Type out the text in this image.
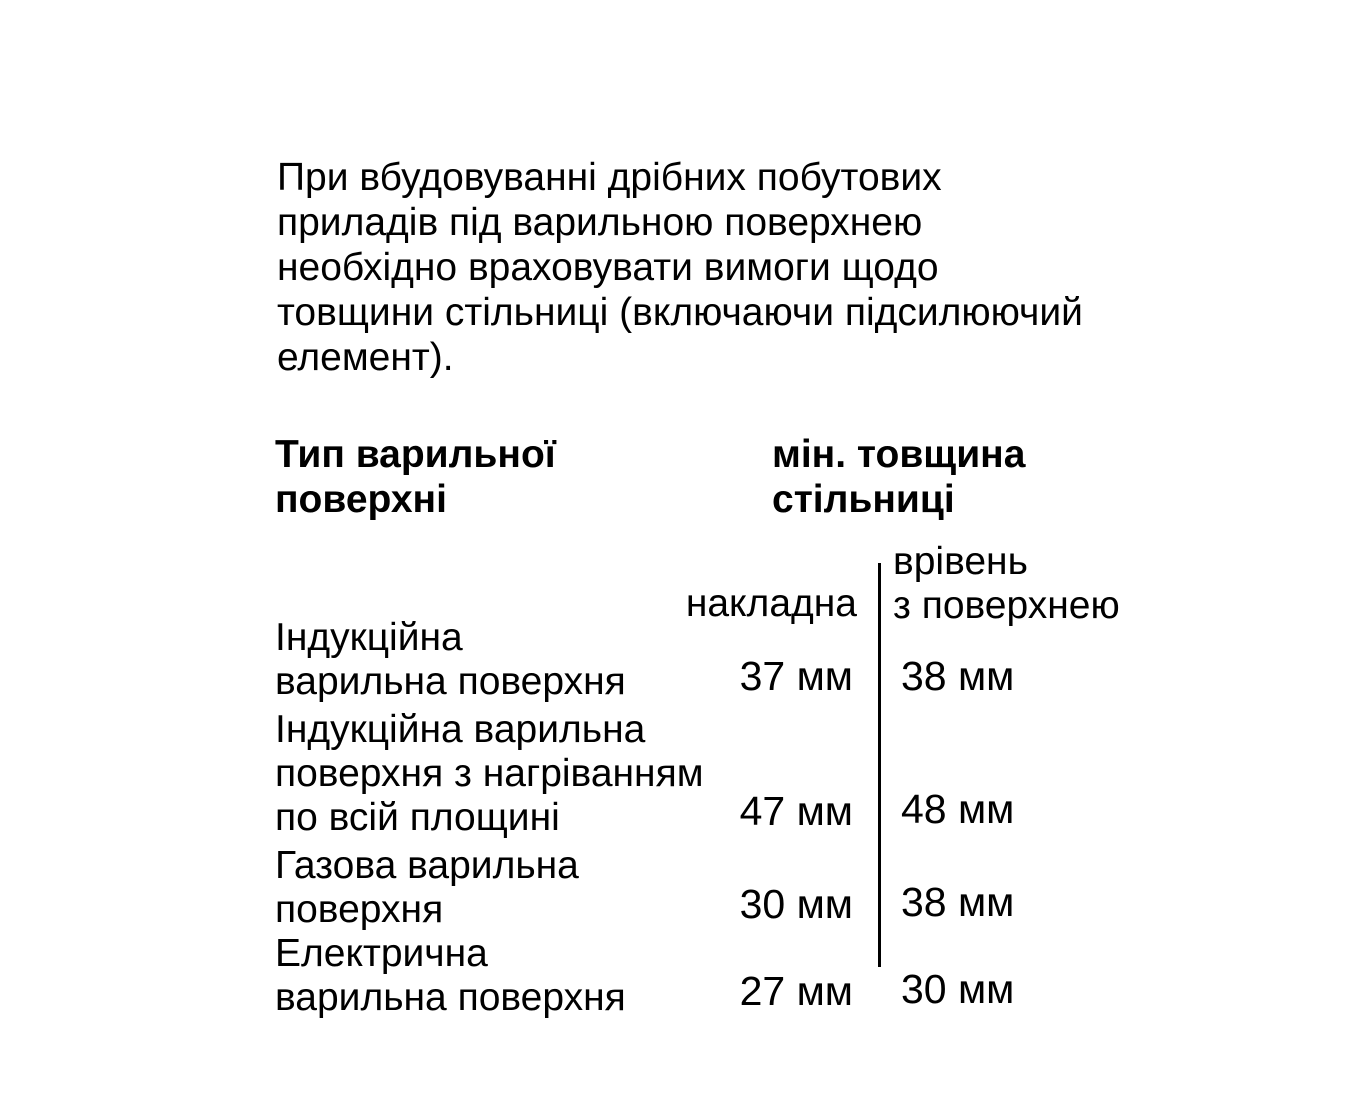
При вбудовуванні дрібних побутових
приладів під варильною поверхнею
необхідно враховувати вимоги щодо
товщини стільниці (включаючи підсилюючий
елемент).
Тип варильної
поверхні
мін. товщина
стільниці
накладна
врівень
з поверхнею
Індукційна
варильна поверхня	37 мм 38 мм
Індукційна варильна
поверхня з нагріванням
по всій площині	47 мм 48 мм
Газова варильна
поверхня	30 мм 38 мм
Електрична
варильна поверхня	27 мм 30 мм
